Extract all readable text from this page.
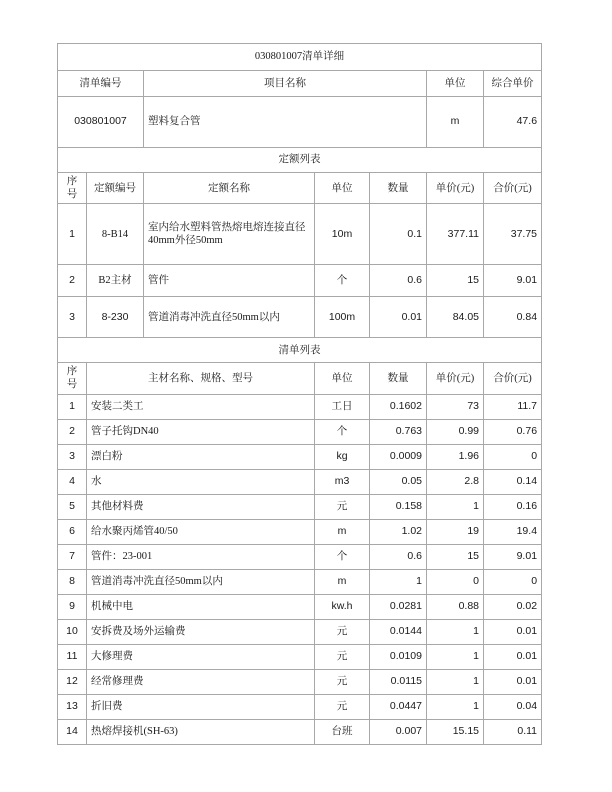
030801007清单详细						
清单编号		项目名称			单位	综合单价
030801007		塑料复合管			m	47.6
定额列表						
序号	定额编号	定额名称	单位	数量	单价(元)	合价(元)
1	8-B14	室内给水塑料管热熔电熔连接直径40mm外径50mm	10m	0.1	377.11	37.75
2	B2主材	管件	个	0.6	15	9.01
3	8-230	管道消毒冲洗直径50mm以内	100m	0.01	84.05	0.84
清单列表						
序号	主材名称、规格、型号		单位	数量	单价(元)	合价(元)
1	安装二类工		工日	0.1602	73	11.7
2	管子托钩DN40		个	0.763	0.99	0.76
3	漂白粉		kg	0.0009	1.96	0
4	水		m3	0.05	2.8	0.14
5	其他材料费		元	0.158	1	0.16
6	给水聚丙烯管40/50		m	1.02	19	19.4
7	管件：23-001		个	0.6	15	9.01
8	管道消毒冲洗直径50mm以内		m	1	0	0
9	机械中电		kw.h	0.0281	0.88	0.02
10	安拆费及场外运输费		元	0.0144	1	0.01
11	大修理费		元	0.0109	1	0.01
12	经常修理费		元	0.0115	1	0.01
13	折旧费		元	0.0447	1	0.04
14	热熔焊接机(SH-63)		台班	0.007	15.15	0.11
